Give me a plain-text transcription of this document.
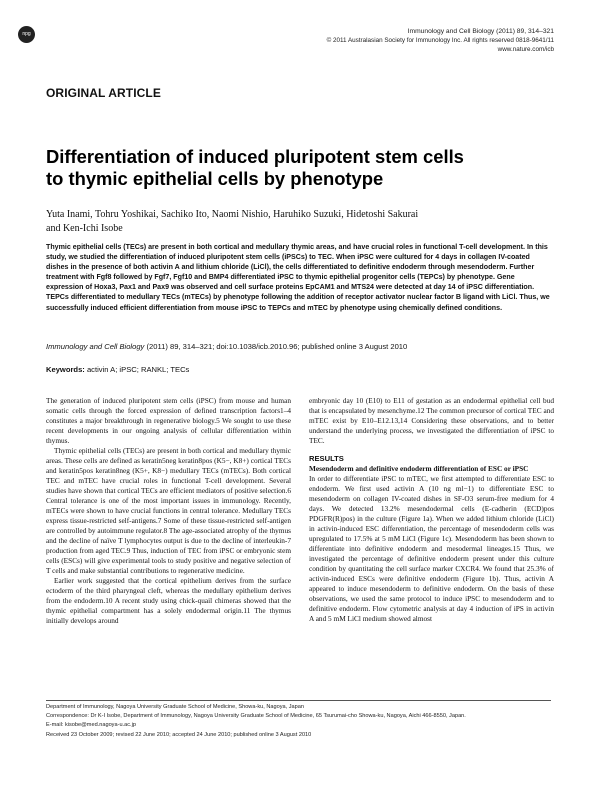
npg	Immunology and Cell Biology (2011) 89, 314–321
© 2011 Australasian Society for Immunology Inc. All rights reserved 0818-9641/11
www.nature.com/icb
ORIGINAL ARTICLE
Differentiation of induced pluripotent stem cells
to thymic epithelial cells by phenotype
Yuta Inami, Tohru Yoshikai, Sachiko Ito, Naomi Nishio, Haruhiko Suzuki, Hidetoshi Sakurai
and Ken-Ichi Isobe
Thymic epithelial cells (TECs) are present in both cortical and medullary thymic areas, and have crucial roles in functional T-cell development. In this study, we studied the differentiation of induced pluripotent stem cells (iPSCs) to TEC. When iPSC were cultured for 4 days in collagen IV-coated dishes in the presence of both activin A and lithium chloride (LiCl), the cells differentiated to definitive endoderm through mesendoderm. Further treatment with Fgf8 followed by Fgf7, Fgf10 and BMP4 differentiated iPSC to thymic epithelial progenitor cells (TEPCs) by phenotype. Gene expression of Hoxa3, Pax1 and Pax9 was observed and cell surface proteins EpCAM1 and MTS24 were detected at day 14 of iPSC differentiation. TEPCs differentiated to medullary TECs (mTECs) by phenotype following the addition of receptor activator nuclear factor B ligand with LiCl. Thus, we successfully induced efficient differentiation from mouse iPSC to TEPCs and mTEC by phenotype using chemically defined conditions.
Immunology and Cell Biology (2011) 89, 314–321; doi:10.1038/icb.2010.96; published online 3 August 2010
Keywords: activin A; iPSC; RANKL; TECs

The generation of induced pluripotent stem cells (iPSC) from mouse and human somatic cells through the forced expression of defined transcription factors1–4 constitutes a major breakthrough in regenerative biology.5 We sought to use these recent developments in our ongoing analysis of cellular differentiation within thymus.

Thymic epithelial cells (TECs) are present in both cortical and medullary thymic areas. These cells are defined as keratin5neg keratin8pos (K5−, K8+) cortical TECs and keratin5pos keratin8neg (K5+, K8−) medullary TECs (mTECs). Both cortical TEC and mTEC have crucial roles in functional T-cell development. Several studies have shown that cortical TECs are efficient mediators of positive selection.6 Central tolerance is one of the most important issues in immunology. Recently, mTECs were shown to have crucial functions in central tolerance. Medullary TECs express tissue-restricted self-antigens.7 Some of these tissue-restricted self-antigen are controlled by autoimmune regulator.8 The age-associated atrophy of the thymus and the decline of naïve T lymphocytes output is due to the decline of interleukin-7 production from aged TEC.9 Thus, induction of TEC from iPSC or embryonic stem cells (ESCs) will give experimental tools to study positive and negative selection of T cells and make substantial contributions to regenerative medicine.

Earlier work suggested that the cortical epithelium derives from the surface ectoderm of the third pharyngeal cleft, whereas the medullary epithelium derives from the endoderm.10 A recent study using chick-quail chimeras showed that the thymic epithelial compartment has a solely endodermal origin.11 The thymus initially develops around

embryonic day 10 (E10) to E11 of gestation as an endodermal epithelial cell bud that is encapsulated by mesenchyme.12 The common precursor of cortical TEC and mTEC exist by E10–E12.13,14 Considering these observations, and to better understand the underlying process, we investigated the differentiation of iPSC to TEC.

RESULTS
Mesendoderm and definitive endoderm differentiation of ESC or iPSC

In order to differentiate iPSC to mTEC, we first attempted to differentiate ESC to endoderm. We first used activin A (10 ng ml−1) to differentiate ESC to mesendoderm on collagen IV-coated dishes in SF-O3 serum-free medium for 4 days. We detected 13.2% mesendodermal cells (E-cadherin (ECD)pos PDGFR(R)pos) in the culture (Figure 1a). When we added lithium chloride (LiCl) in activin-induced ESC differentiation, the percentage of mesendoderm cells was upregulated to 17.5% at 5 mM LiCl (Figure 1c). Mesendoderm has been shown to differentiate into definitive endoderm and mesodermal lineages.15 Thus, we investigated the percentage of definitive endoderm present under this culture condition by quantitating the cell surface marker CXCR4. We found that 25.3% of activin-induced ESCs were definitive endoderm (Figure 1b). Thus, activin A appeared to induce mesendoderm to definitive endoderm. On the basis of these observations, we used the same protocol to induce iPSC to mesendoderm and to definitive endoderm. Flow cytometric analysis at day 4 induction of iPS in activin A and 5 mM LiCl medium showed almost

Department of Immunology, Nagoya University Graduate School of Medicine, Showa-ku, Nagoya, Japan
Correspondence: Dr K-I Isobe, Department of Immunology, Nagoya University Graduate School of Medicine, 65 Tsurumai-cho Showa-ku, Nagoya, Aichi 466-8550, Japan.
E-mail: kisobe@med.nagoya-u.ac.jp
Received 23 October 2009; revised 22 June 2010; accepted 24 June 2010; published online 3 August 2010
